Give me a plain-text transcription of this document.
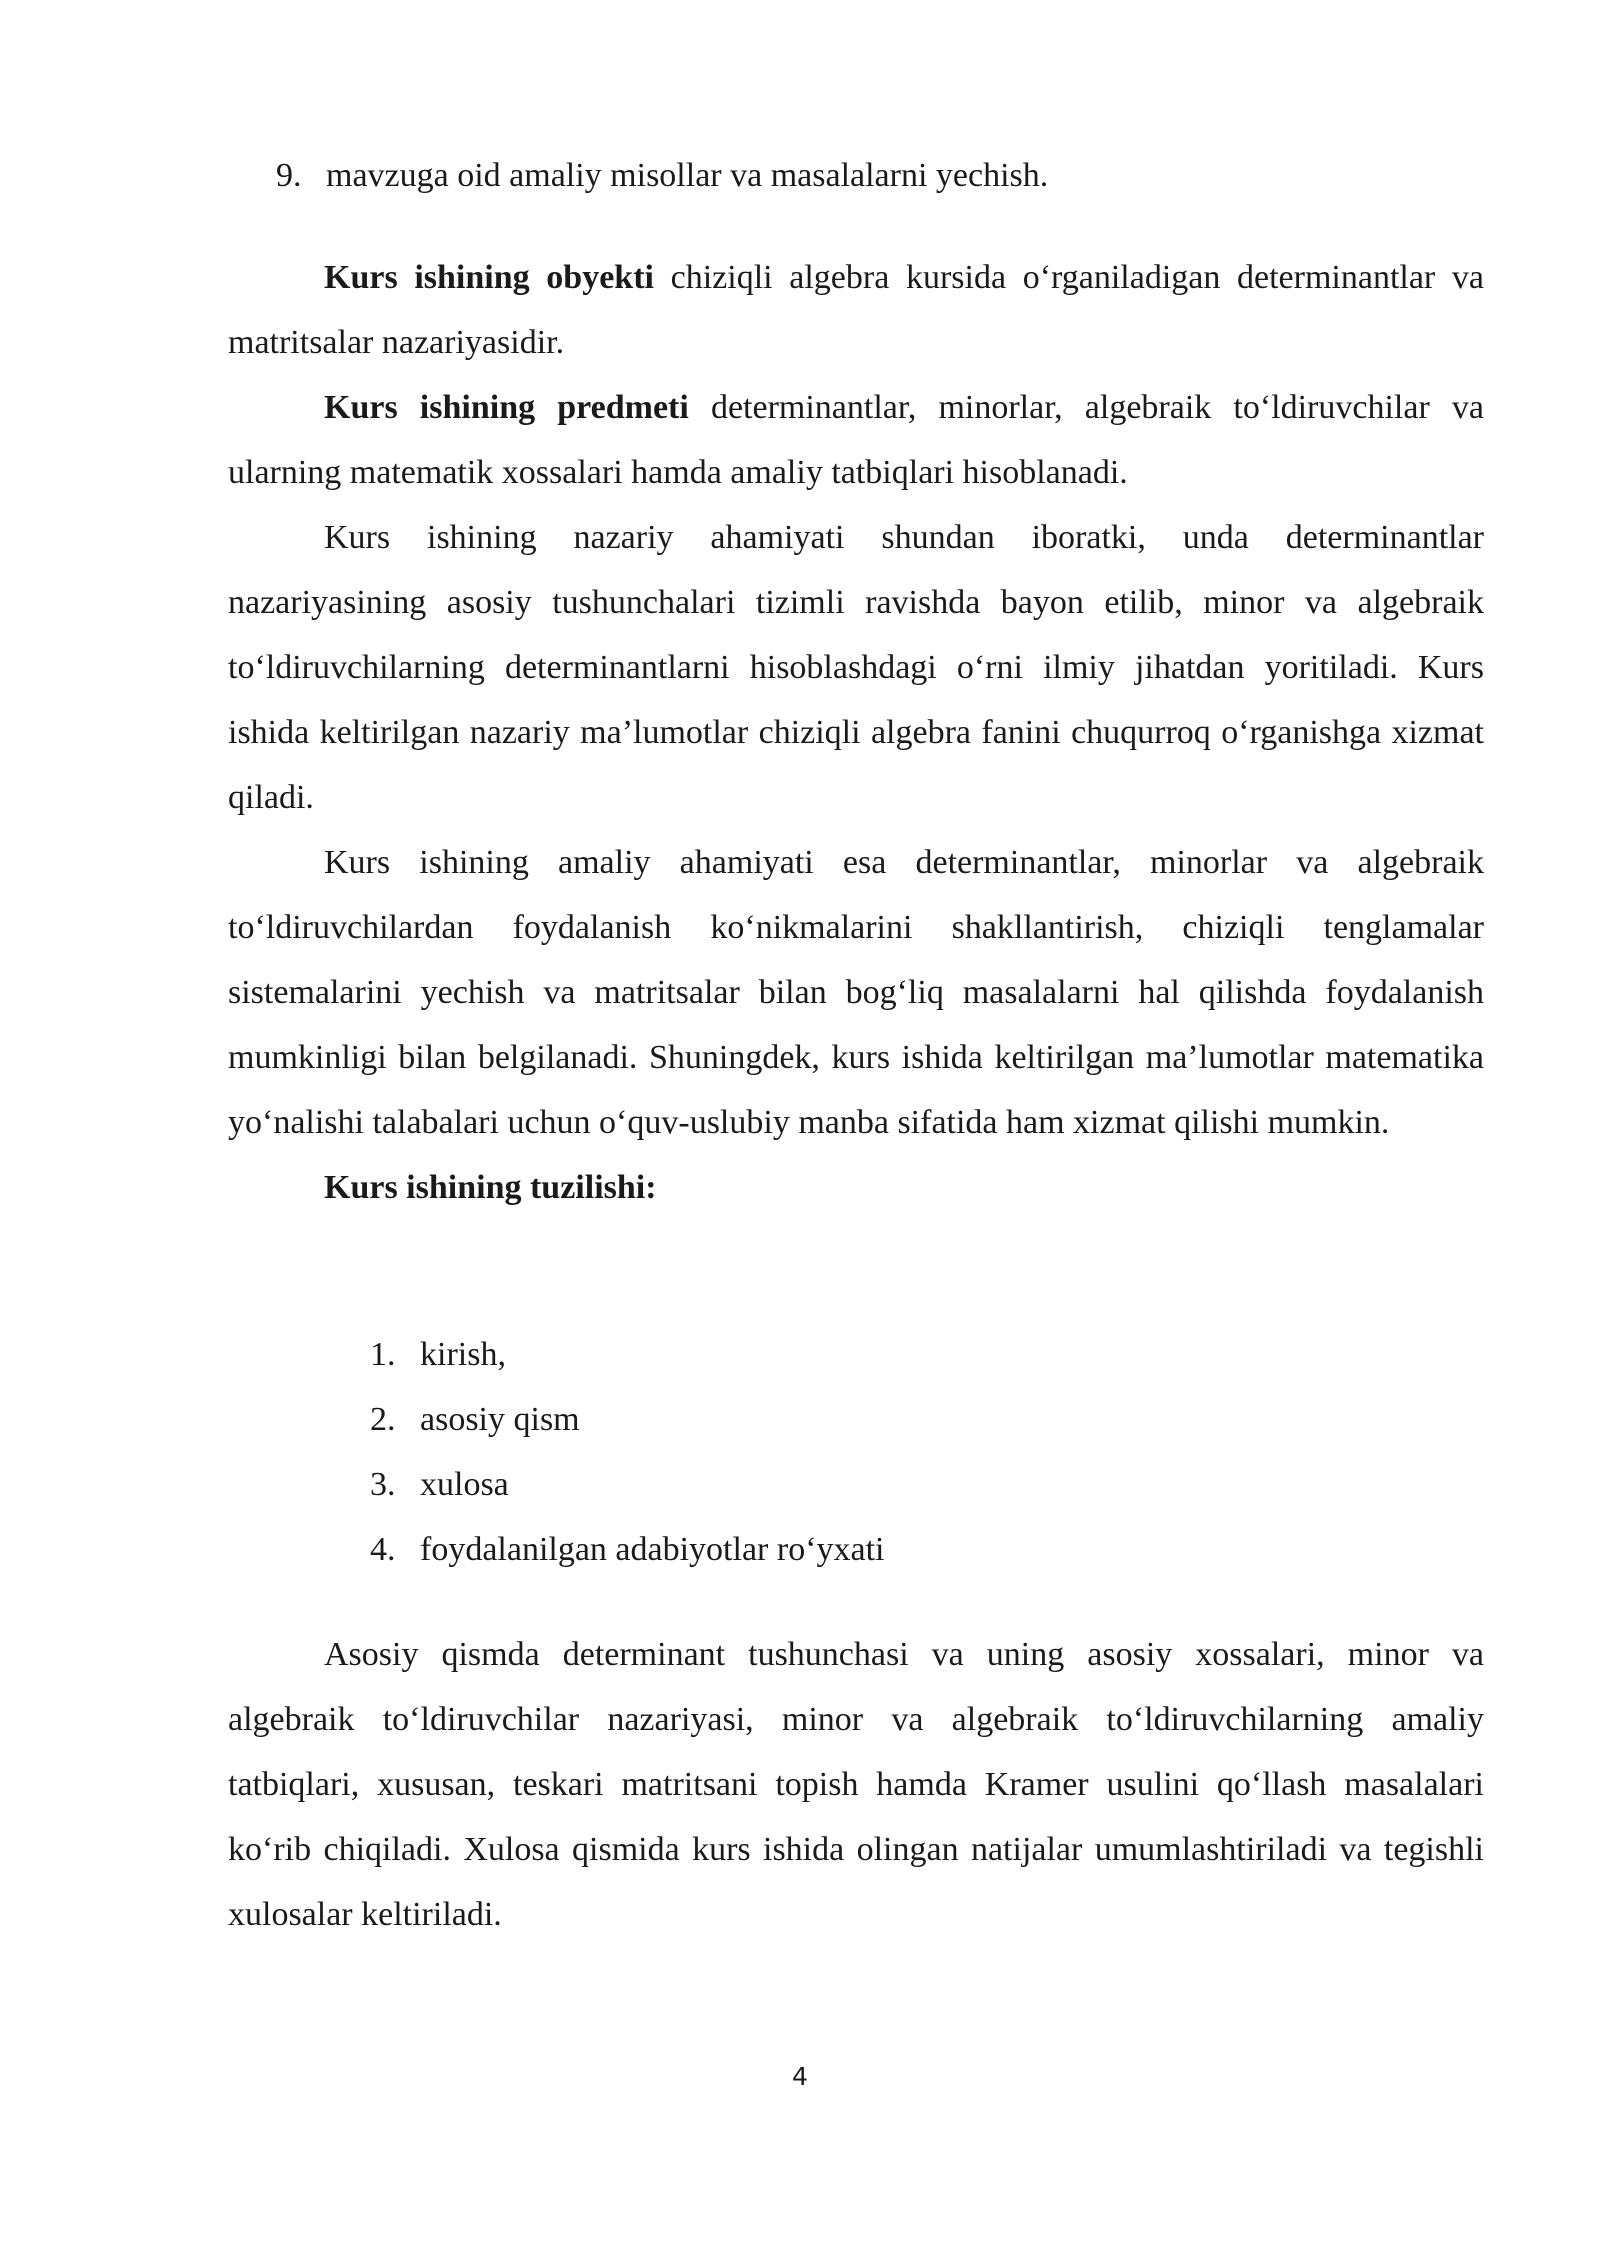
9. mavzuga oid amaliy misollar va masalalarni yechish.

Kurs ishining obyekti chiziqli algebra kursida o‘rganiladigan determinantlar va matritsalar nazariyasidir.

Kurs ishining predmeti determinantlar, minorlar, algebraik to‘ldiruvchilar va ularning matematik xossalari hamda amaliy tatbiqlari hisoblanadi.

Kurs ishining nazariy ahamiyati shundan iboratki, unda determinantlar nazariyasining asosiy tushunchalari tizimli ravishda bayon etilib, minor va algebraik to‘ldiruvchilarning determinantlarni hisoblashdagi o‘rni ilmiy jihatdan yoritiladi. Kurs ishida keltirilgan nazariy ma’lumotlar chiziqli algebra fanini chuqurroq o‘rganishga xizmat qiladi.

Kurs ishining amaliy ahamiyati esa determinantlar, minorlar va algebraik to‘ldiruvchilardan foydalanish ko‘nikmalarini shakllantirish, chiziqli tenglamalar sistemalarini yechish va matritsalar bilan bog‘liq masalalarni hal qilishda foydalanish mumkinligi bilan belgilanadi. Shuningdek, kurs ishida keltirilgan ma’lumotlar matematika yo‘nalishi talabalari uchun o‘quv-uslubiy manba sifatida ham xizmat qilishi mumkin.

Kurs ishining tuzilishi:

1. kirish,
2. asosiy qism
3. xulosa
4. foydalanilgan adabiyotlar ro‘yxati

Asosiy qismda determinant tushunchasi va uning asosiy xossalari, minor va algebraik to‘ldiruvchilar nazariyasi, minor va algebraik to‘ldiruvchilarning amaliy tatbiqlari, xususan, teskari matritsani topish hamda Kramer usulini qo‘llash masalalari ko‘rib chiqiladi. Xulosa qismida kurs ishida olingan natijalar umumlashtiriladi va tegishli xulosalar keltiriladi.

4
